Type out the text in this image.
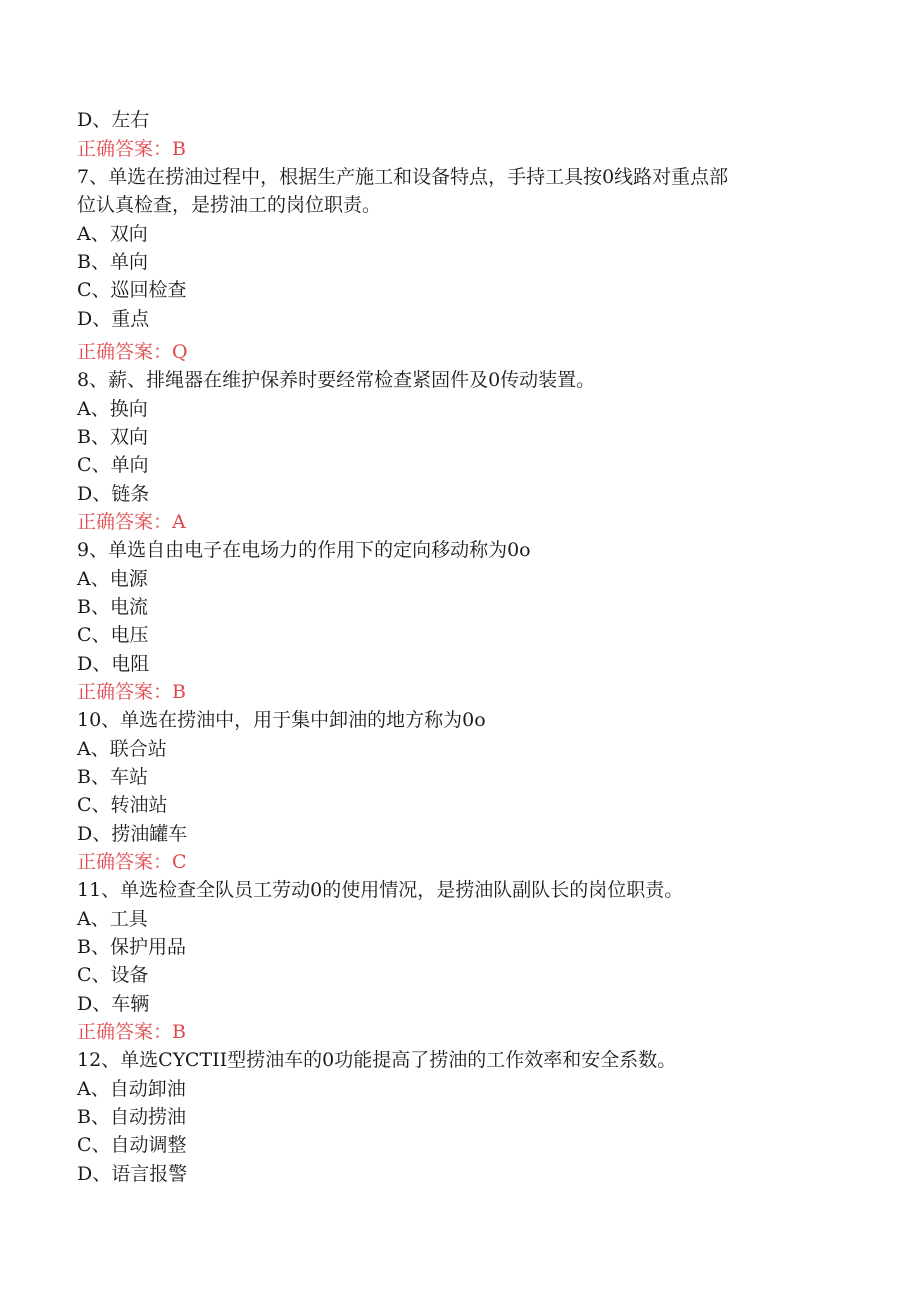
D、左右
正确答案：B
7、单选在捞油过程中，根据生产施工和设备特点，手持工具按0线路对重点部
位认真检查，是捞油工的岗位职责。
A、双向
B、单向
C、巡回检查
D、重点
正确答案：Q
8、薪、排绳器在维护保养时要经常检查紧固件及0传动装置。
A、换向
B、双向
C、单向
D、链条
正确答案：A
9、单选自由电子在电场力的作用下的定向移动称为0o
A、电源
B、电流
C、电压
D、电阻
正确答案：B
10、单选在捞油中，用于集中卸油的地方称为0o
A、联合站
B、车站
C、转油站
D、捞油罐车
正确答案：C
11、单选检查全队员工劳动0的使用情况，是捞油队副队长的岗位职责。
A、工具
B、保护用品
C、设备
D、车辆
正确答案：B
12、单选CYCTII型捞油车的0功能提高了捞油的工作效率和安全系数。
A、自动卸油
B、自动捞油
C、自动调整
D、语言报警
